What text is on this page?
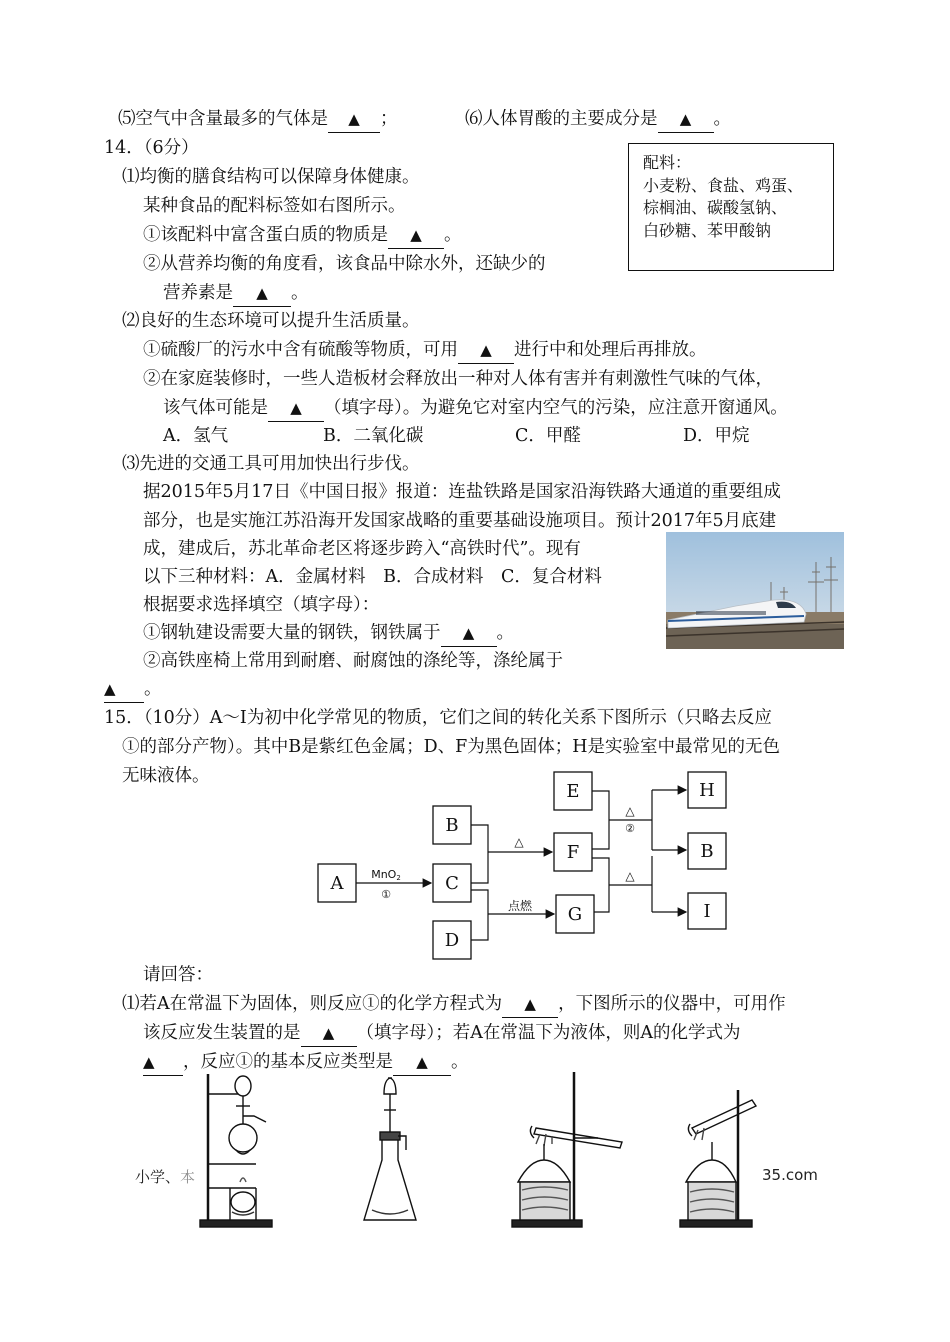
⑸空气中含量最多的气体是 ▲ ；	⑹人体胃酸的主要成分是 ▲ 。
14．（6分）
⑴均衡的膳食结构可以保障身体健康。
某种食品的配料标签如右图所示。
①该配料中富含蛋白质的物质是 ▲ 。
②从营养均衡的角度看，该食品中除水外，还缺少的
营养素是 ▲ 。
配料：
小麦粉、食盐、鸡蛋、
棕榈油、碳酸氢钠、
白砂糖、苯甲酸钠
⑵良好的生态环境可以提升生活质量。
①硫酸厂的污水中含有硫酸等物质，可用 ▲ 进行中和处理后再排放。
②在家庭装修时，一些人造板材会释放出一种对人体有害并有刺激性气味的气体，
该气体可能是 ▲ （填字母）。为避免它对室内空气的污染，应注意开窗通风。
A．氢气	B．二氧化碳	C．甲醛	D．甲烷
⑶先进的交通工具可用加快出行步伐。
据2015年5月17日《中国日报》报道：连盐铁路是国家沿海铁路大通道的重要组成
部分，也是实施江苏沿海开发国家战略的重要基础设施项目。预计2017年5月底建
成，建成后，苏北革命老区将逐步跨入“高铁时代”。现有
以下三种材料：A．金属材料　B．合成材料　C．复合材料
根据要求选择填空（填字母）：
①钢轨建设需要大量的钢铁，钢铁属于 ▲ 。
②高铁座椅上常用到耐磨、耐腐蚀的涤纶等，涤纶属于
▲ 。
15．（10分）A～I为初中化学常见的物质，它们之间的转化关系下图所示（只略去反应
①的部分产物）。其中B是紫红色金属；D、F为黑色固体；H是实验室中最常见的无色
无味液体。
A
B
C
D
E
F
G
H
B
I
MnO2
①
△
点燃
△
②
△
请回答：
⑴若A在常温下为固体，则反应①的化学方程式为 ▲ ，下图所示的仪器中，可用作
该反应发生装置的是 ▲ （填字母）；若A在常温下为液体，则A的化学式为
▲ ，反应①的基本反应类型是 ▲ 。
小学、本	35.com
